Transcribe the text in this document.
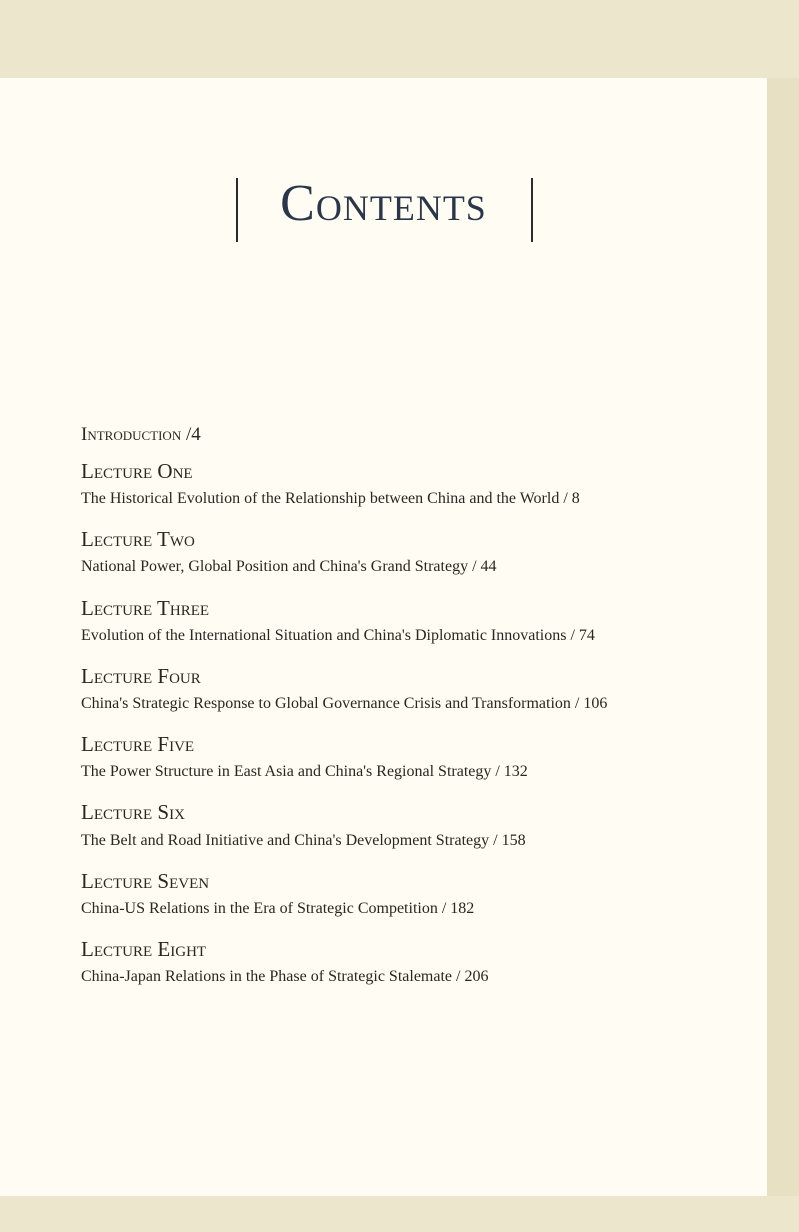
Contents
Introduction /4
Lecture One
The Historical Evolution of the Relationship between China and the World / 8
Lecture Two
National Power, Global Position and China's Grand Strategy / 44
Lecture Three
Evolution of the International Situation and China's Diplomatic Innovations / 74
Lecture Four
China's Strategic Response to Global Governance Crisis and Transformation / 106
Lecture Five
The Power Structure in East Asia and China's Regional Strategy / 132
Lecture Six
The Belt and Road Initiative and China's Development Strategy / 158
Lecture Seven
China-US Relations in the Era of Strategic Competition / 182
Lecture Eight
China-Japan Relations in the Phase of Strategic Stalemate / 206
